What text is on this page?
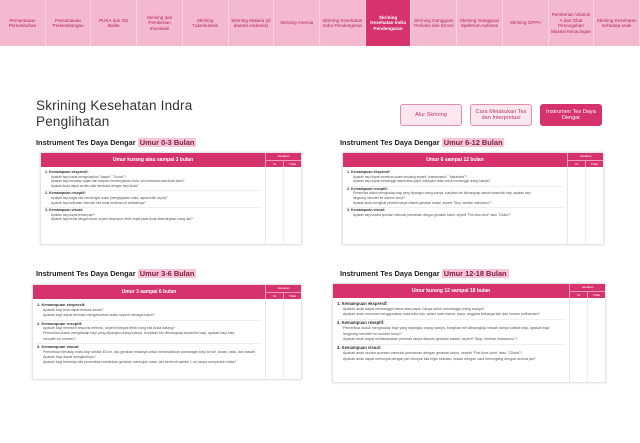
Pemantauan Pertumbuhan
Pemantauan Perkembangan
PUKA dan Giz Balita
Skrining dan Pemberian Imunisasi
Skrining Tuberkulosis
Skrining Malaria (di daerah endemis)
Skrining Anemia
Skrining Kesehatan Indra Pendengaran
Skrining Kesehatan Indra Pendengaran
Skrining Gangguan Perilaku dan Emosi
Skrining Gangguan Spektrum Autisme
Skrining GPPH
Pemberian Vitamin A dan Obat Pencegahan Massal Kecacingan
Skrining Kesehatan terhadap anak
Skrining Kesehatan Indra
Penglihatan	Alur Skrining
Cara Melakukan Tes dan Interpretasi
Instrumen Tes Daya Dengar
Instrument Tes Daya Dengar Umur 0-3 Bulan
Umur kurang atau sampai 3 bulan
Jawaban
Ya	Tidak
1. Kemampuan ekspresif:
Apakah bayi dapat mengeluarkan "Aaaah", "Ooooh"?
Apakah bayi menatap wajah dan tampak mendengarkan Anda, lalu berbicara saat Anda diam?
Apakah Anda dapat seolah-olah berbicara dengan bayi Anda?
2. Kemampuan reseptif:
Apakah bayi kaget bila mendengar suara (mengejapkan mata, napas lebih cepat)?
Apakah bayi kelihatan menoleh bila Anda berbicara di sebelahnya?
3. Kemampuan visual:
Apakah bayi dapat tersenyum?
Apakah bayi kenal dengan Anda, seperti tersenyum lebih cepat pada Anda dibandingkan orang lain?
Instrument Tes Daya Dengar Umur 6-12 Bulan
Umur 6 sampai 12 bulan
Jawaban
Ya	Tidak
1. Kemampuan ekspresif:
Apakah bayi dapat membuat suara berulang seperti "mamamama", "babababa"?
Apakah bayi dapat memanggil mama atau papa, walaupun tidak untuk memanggil orang tuanya?
2. Kemampuan reseptif:
Pemeriksa duduk menghadap bayi yang dipangku orang tuanya, bunyikan bel dibuangkap bawah kanan/kiri bayi, apakah bayi
langsung menoleh ke sumber bunyi?
Apakah anak mengikuti perintah tanpa dibantu gerakan badan, seperti "Stop, berikan mainanmu"?
3. Kemampuan visual:
Apakah bayi secara spontan memulai permainan dengan gerakan tubuh, seperti "Pok Ame-Ame" atau "Ciluba"?
Instrument Tes Daya Dengar Umur 3-6 Bulan
Umur 3 sampai 6 bulan
Jawaban
Ya	Tidak
1. Kemampuan ekspresif:
Apakah bayi bisa dapat tertawa keras?
Apakah bayi dapat bermain mengeluarkan suatu seperti menaga balon?
2. Kemampuan reseptif:
Apakah bayi memberi respons tertentu, seperti menjadi lebih riang bila Anda datang?
Pemeriksa duduk menghadap bayi yang dipangku orang tuanya, bunyikan bel dibuangkap kanan/kiri bayi, apakah bayi bisa
menoleh ke sumber?
3. Kemampuan visual:
Pemeriksa menatap mata bayi sekitar 45 cm, lalu gerakan matanya untuk memindahkan pandangan bayi ke kiri, kanan, atas, dan bawah
Apakah bayi dapat mengikutinya?
Apakah bayi berkedip bila pemeriksa melakukan gerakan menunjuk mata, lalu berhenti sekitar 1 cm tanpa menyentuh mata?
Instrument Tes Daya Dengar Umur 12-18 Bulan
Umur kurang 12 sampai 18 bulan
Jawaban
Ya	Tidak
1. Kemampuan ekspresif:
Apakah anak dapat memanggil mama atau papa, hanya untuk memanggil orang tuanya?
Apakah anak memulai menggunakan kata-kata lain, selain kata mama, papa, anggota keluarga lain dan hewan peliharaan?
2. Kemampuan reseptif:
Pemeriksa duduk menghadap bayi yang dipangku orang tuanya, bunyikan bel dibuangkap bawah tampa kelihat bayi, apakah bayi
langsung menoleh ke sumber bunyi?
Apakah anak dapat melaksanakan perintah tanpa dibantu gerakan badan, seperti "Stop, berikan mainanmu"?
3. Kemampuan visual:
Apakah anak secara spontan memulai permainan dengan gerakan tubuh, seperti "Pok Ame-Ame" atau "Ciluba"?
Apakah anak dapat menunjuk dengan jari telunjuk bila ingin sesuatu, bukan dengan cara memegang dengan semua jari?
